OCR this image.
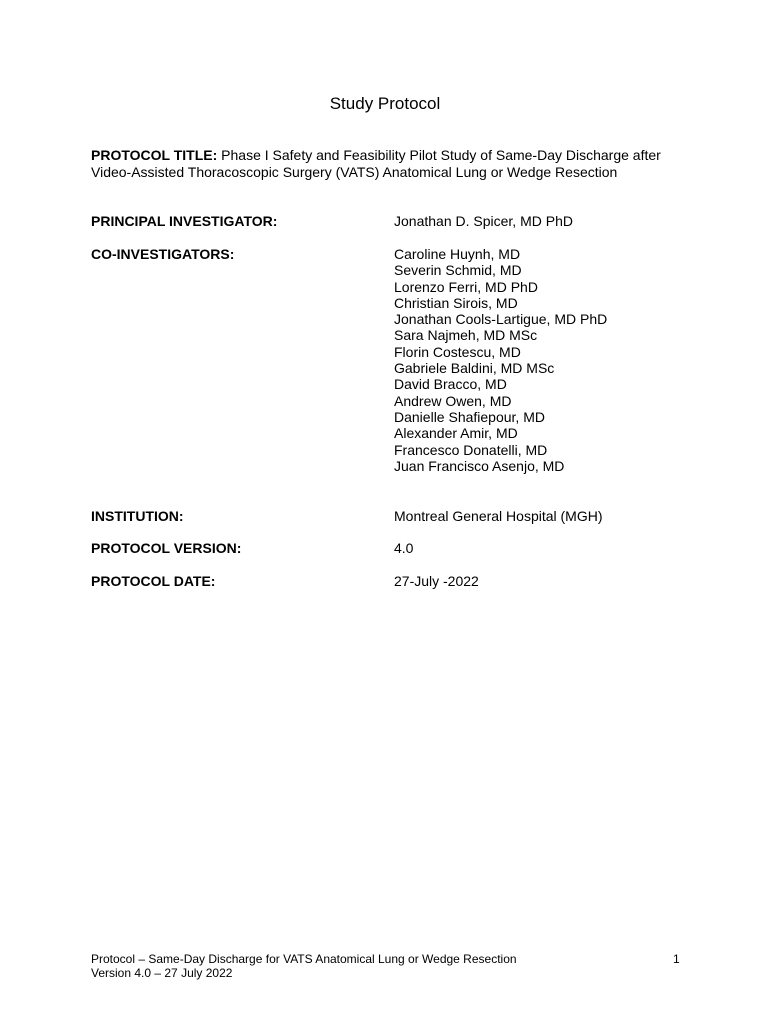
Study Protocol
PROTOCOL TITLE: Phase I Safety and Feasibility Pilot Study of Same-Day Discharge after Video-Assisted Thoracoscopic Surgery (VATS) Anatomical Lung or Wedge Resection
PRINCIPAL INVESTIGATOR:	Jonathan D. Spicer, MD PhD
CO-INVESTIGATORS:	Caroline Huynh, MD
Severin Schmid, MD
Lorenzo Ferri, MD PhD
Christian Sirois, MD
Jonathan Cools-Lartigue, MD PhD
Sara Najmeh, MD MSc
Florin Costescu, MD
Gabriele Baldini, MD MSc
David Bracco, MD
Andrew Owen, MD
Danielle Shafiepour, MD
Alexander Amir, MD
Francesco Donatelli, MD
Juan Francisco Asenjo, MD
INSTITUTION:	Montreal General Hospital (MGH)
PROTOCOL VERSION:	4.0
PROTOCOL DATE:	27-July -2022
Protocol – Same-Day Discharge for VATS Anatomical Lung or Wedge Resection
Version 4.0 – 27 July 2022
1
